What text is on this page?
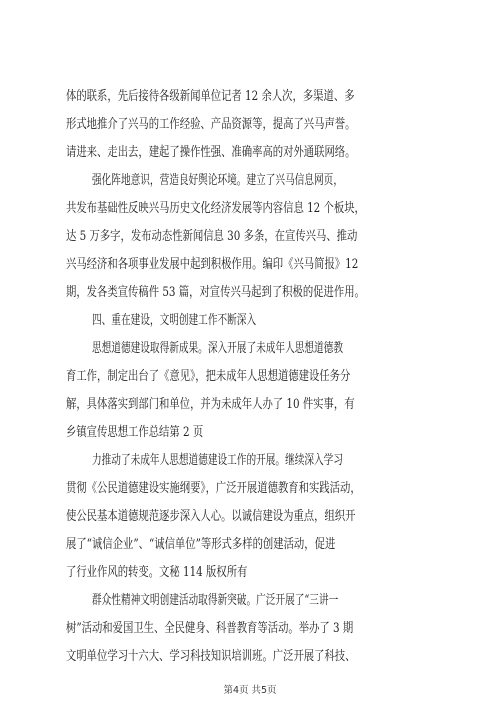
体的联系，先后接待各级新闻单位记者 12 余人次，多渠道、多
形式地推介了兴马的工作经验、产品资源等，提高了兴马声誉。
请进来、走出去，建起了操作性强、准确率高的对外通联网络。
强化阵地意识，营造良好舆论环境。建立了兴马信息网页，
共发布基础性反映兴马历史文化经济发展等内容信息 12 个板块，
达 5 万多字，发布动态性新闻信息 30 多条，在宣传兴马、推动
兴马经济和各项事业发展中起到积极作用。编印《兴马简报》12
期，发各类宣传稿件 53 篇，对宣传兴马起到了积极的促进作用。
四、重在建设，文明创建工作不断深入
思想道德建设取得新成果。深入开展了未成年人思想道德教
育工作，制定出台了《意见》，把未成年人思想道德建设任务分
解，具体落实到部门和单位，并为未成年人办了 10 件实事，有
乡镇宣传思想工作总结第 2 页
力推动了未成年人思想道德建设工作的开展。继续深入学习
贯彻《公民道德建设实施纲要》，广泛开展道德教育和实践活动，
使公民基本道德规范逐步深入人心。以诚信建设为重点，组织开
展了“诚信企业”、“诚信单位”等形式多样的创建活动，促进
了行业作风的转变。文秘 114 版权所有
群众性精神文明创建活动取得新突破。广泛开展了“三讲一
树”活动和爱国卫生、全民健身、科普教育等活动。举办了 3 期
文明单位学习十六大、学习科技知识培训班。广泛开展了科技、
第4页 共5页
